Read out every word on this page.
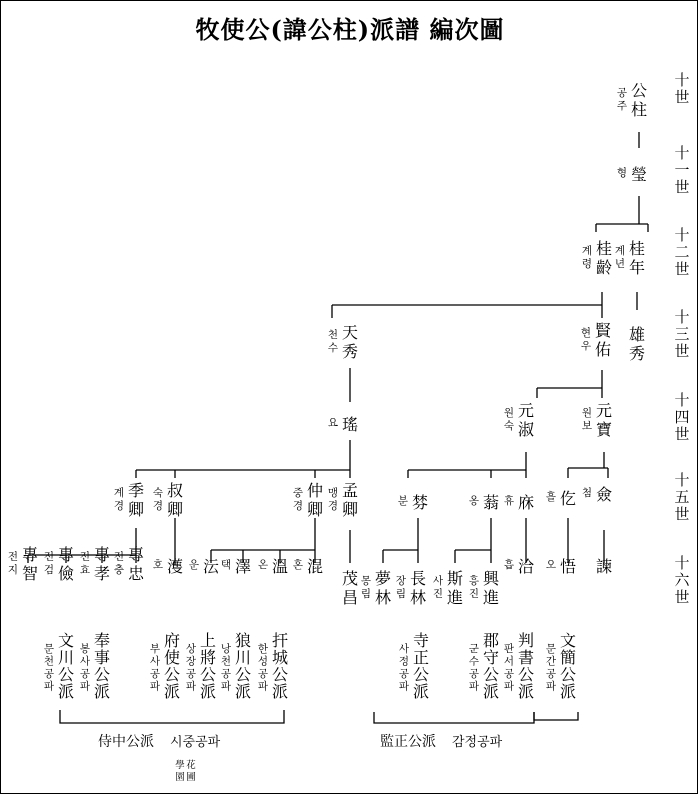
牧使公(諱公柱)派譜 編次圖
十世
十一世
十二世
十三世
十四世
十五世
十六世
公柱
공 주
瑩
형
桂年
계 년
桂齡
계 령
雄秀
賢佑
현 우
天秀
천 수
元寶
원 보
元淑
원 숙
瑤
요
僉
첨
仡
흘
庥
휴
蓊
옹
棼
분
孟卿
맹 경
仲卿
중 경
叔卿
숙 경
季卿
계 경
諫
悟
오
洽
흡
興進
흥 진
斯進
사 진
長林
장 림
夢林
몽 림
茂昌
混
혼
溫
온
澤
택
沄
운
濩
호
專忠
전 충
專孝
전 효
專儉
전 검
專智
전 지
扞城公派
한 성 공 파
狼川公派
낭 천 공 파
上將公派
상 장 공 파
府使公派
부 사 공 파
奉事公派
봉 사 공 파
文川公派
문 천 공 파
寺正公派
사 정 공 파
郡守公派
군 수 공 파
判書公派
판 서 공 파
文簡公派
문 간 공 파
侍中公派 시중공파	監正公派 감정공파
學 花
園 圃
